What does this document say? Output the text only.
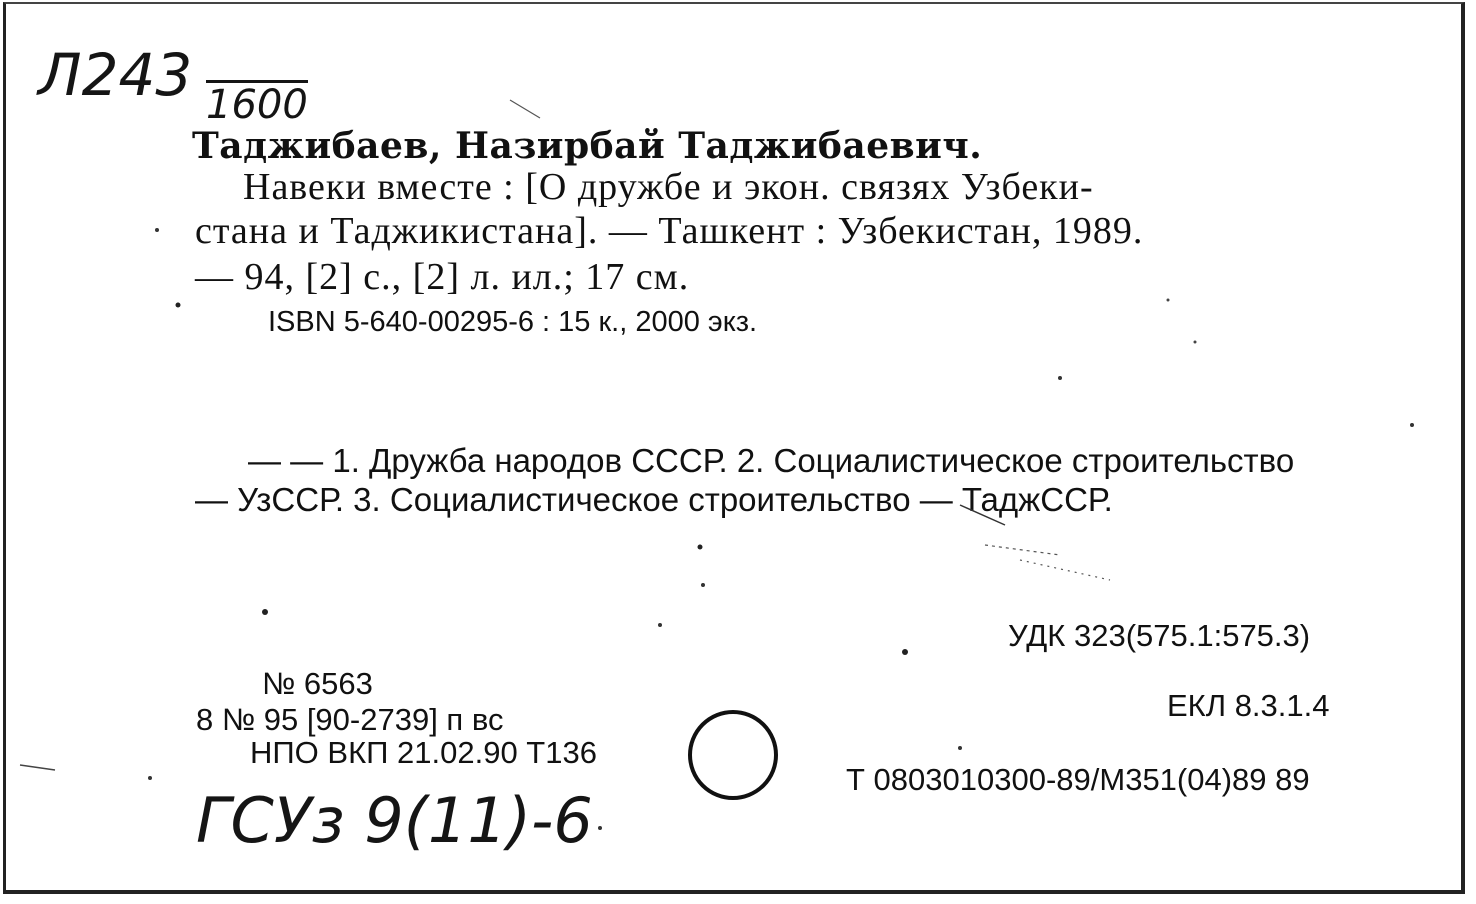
Л243 1600
ГСУз 9(11)-6
Таджибаев, Назирбай Таджибаевич.
Навеки вместе : [О дружбе и экон. связях Узбеки-
стана и Таджикистана]. — Ташкент : Узбекистан, 1989.
— 94, [2] с., [2] л. ил.; 17 см.
ISBN 5-640-00295-6 : 15 к., 2000 экз.
— — 1. Дружба народов СССР. 2. Социалистическое строительство
— УзССР. 3. Социалистическое строительство — ТаджССР.
УДК 323(575.1:575.3)
ЕКЛ 8.3.1.4
Т 0803010300-89/М351(04)89 89
№ 6563
8 № 95 [90-2739] п вс
НПО ВКП 21.02.90 Т136
